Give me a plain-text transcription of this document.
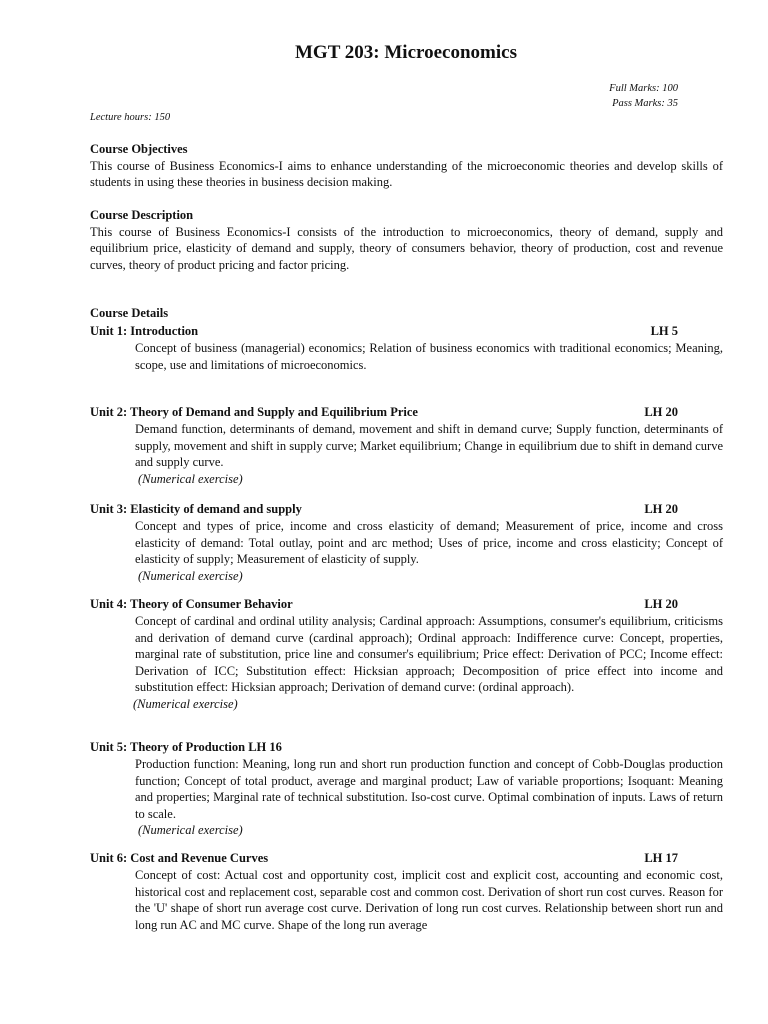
MGT 203: Microeconomics
Full Marks: 100
Pass Marks: 35
Lecture hours: 150
Course Objectives
This course of Business Economics-I aims to enhance understanding of the microeconomic theories and develop skills of students in using these theories in business decision making.
Course Description
This course of Business Economics-I consists of the introduction to microeconomics, theory of demand, supply and equilibrium price, elasticity of demand and supply, theory of consumers behavior, theory of production, cost and revenue curves, theory of product pricing and factor pricing.
Course Details
Unit 1: Introduction	LH 5
Concept of business (managerial) economics; Relation of business economics with traditional economics; Meaning, scope, use and limitations of microeconomics.
Unit 2: Theory of Demand and Supply and Equilibrium Price	LH 20
Demand function, determinants of demand, movement and shift in demand curve; Supply function, determinants of supply, movement and shift in supply curve; Market equilibrium; Change in equilibrium due to shift in demand curve and supply curve.
(Numerical exercise)
Unit 3: Elasticity of demand and supply	LH 20
Concept and types of price, income and cross elasticity of demand; Measurement of price, income and cross elasticity of demand: Total outlay, point and arc method; Uses of price, income and cross elasticity; Concept of elasticity of supply; Measurement of elasticity of supply.
(Numerical exercise)
Unit 4: Theory of Consumer Behavior	LH 20
Concept of cardinal and ordinal utility analysis; Cardinal approach: Assumptions, consumer's equilibrium, criticisms and derivation of demand curve (cardinal approach); Ordinal approach: Indifference curve: Concept, properties, marginal rate of substitution, price line and consumer's equilibrium; Price effect: Derivation of PCC; Income effect: Derivation of ICC; Substitution effect: Hicksian approach; Decomposition of price effect into income and substitution effect: Hicksian approach; Derivation of demand curve: (ordinal approach).
(Numerical exercise)
Unit 5: Theory of Production LH 16
Production function: Meaning, long run and short run production function and concept of Cobb-Douglas production function; Concept of total product, average and marginal product; Law of variable proportions; Isoquant: Meaning and properties; Marginal rate of technical substitution. Iso-cost curve. Optimal combination of inputs. Laws of return to scale.
(Numerical exercise)
Unit 6: Cost and Revenue Curves	LH 17
Concept of cost: Actual cost and opportunity cost, implicit cost and explicit cost, accounting and economic cost, historical cost and replacement cost, separable cost and common cost. Derivation of short run cost curves. Reason for the 'U' shape of short run average cost curve. Derivation of long run cost curves. Relationship between short run and long run AC and MC curve. Shape of the long run average
